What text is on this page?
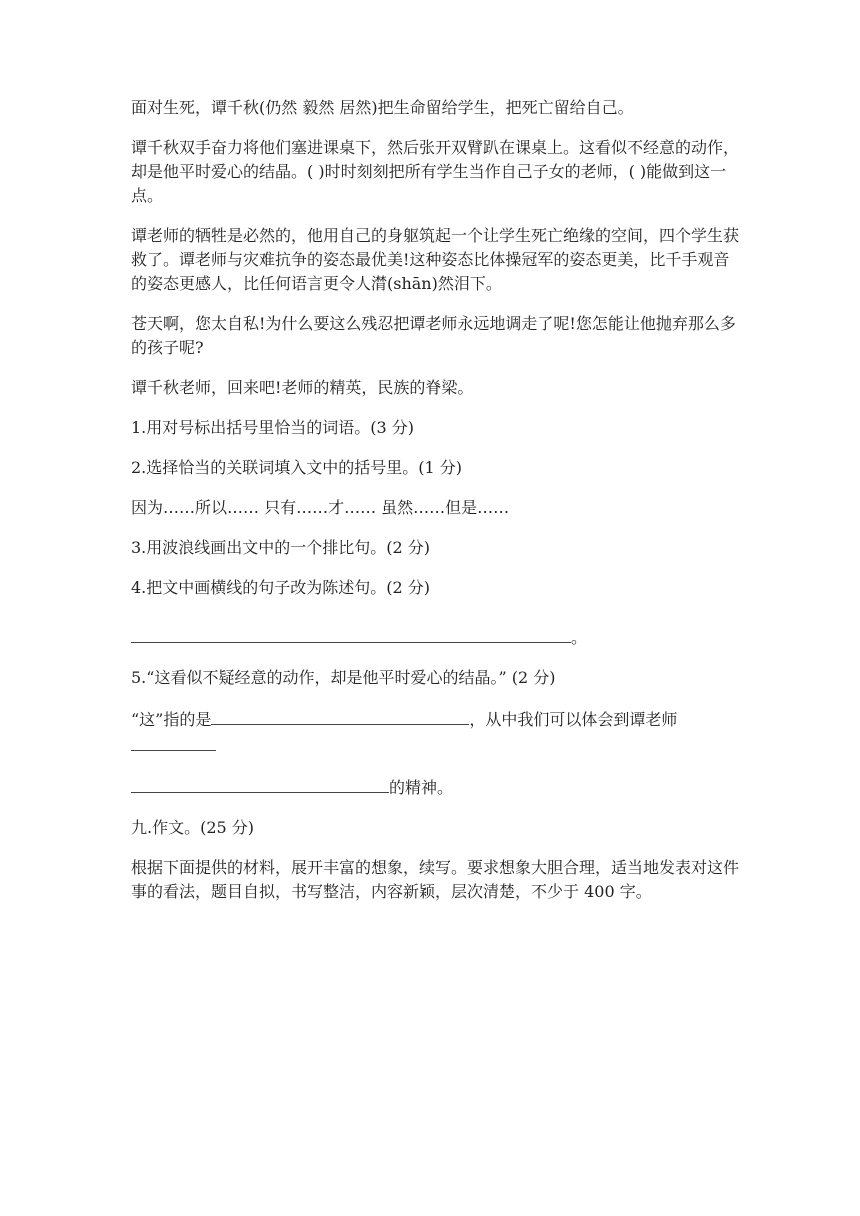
面对生死，谭千秋(仍然 毅然 居然)把生命留给学生，把死亡留给自己。

谭千秋双手奋力将他们塞进课桌下，然后张开双臂趴在课桌上。这看似不经意的动作，却是他平时爱心的结晶。( )时时刻刻把所有学生当作自己子女的老师，( )能做到这一点。

谭老师的牺牲是必然的，他用自己的身躯筑起一个让学生死亡绝缘的空间，四个学生获救了。谭老师与灾难抗争的姿态最优美!这种姿态比体操冠军的姿态更美，比千手观音的姿态更感人，比任何语言更令人潸(shān)然泪下。

苍天啊，您太自私!为什么要这么残忍把谭老师永远地调走了呢!您怎能让他抛弃那么多的孩子呢?

谭千秋老师，回来吧!老师的精英，民族的脊梁。

1.用对号标出括号里恰当的词语。(3 分)

2.选择恰当的关联词填入文中的括号里。(1 分)

因为……所以…… 只有……才…… 虽然……但是……

3.用波浪线画出文中的一个排比句。(2 分)

4.把文中画横线的句子改为陈述句。(2 分)

。

5.“这看似不疑经意的动作，却是他平时爱心的结晶。” (2 分)

“这”指的是	，从中我们可以体会到谭老师

的精神。

九.作文。(25 分)

根据下面提供的材料，展开丰富的想象，续写。要求想象大胆合理，适当地发表对这件事的看法，题目自拟，书写整洁，内容新颖，层次清楚，不少于 400 字。
